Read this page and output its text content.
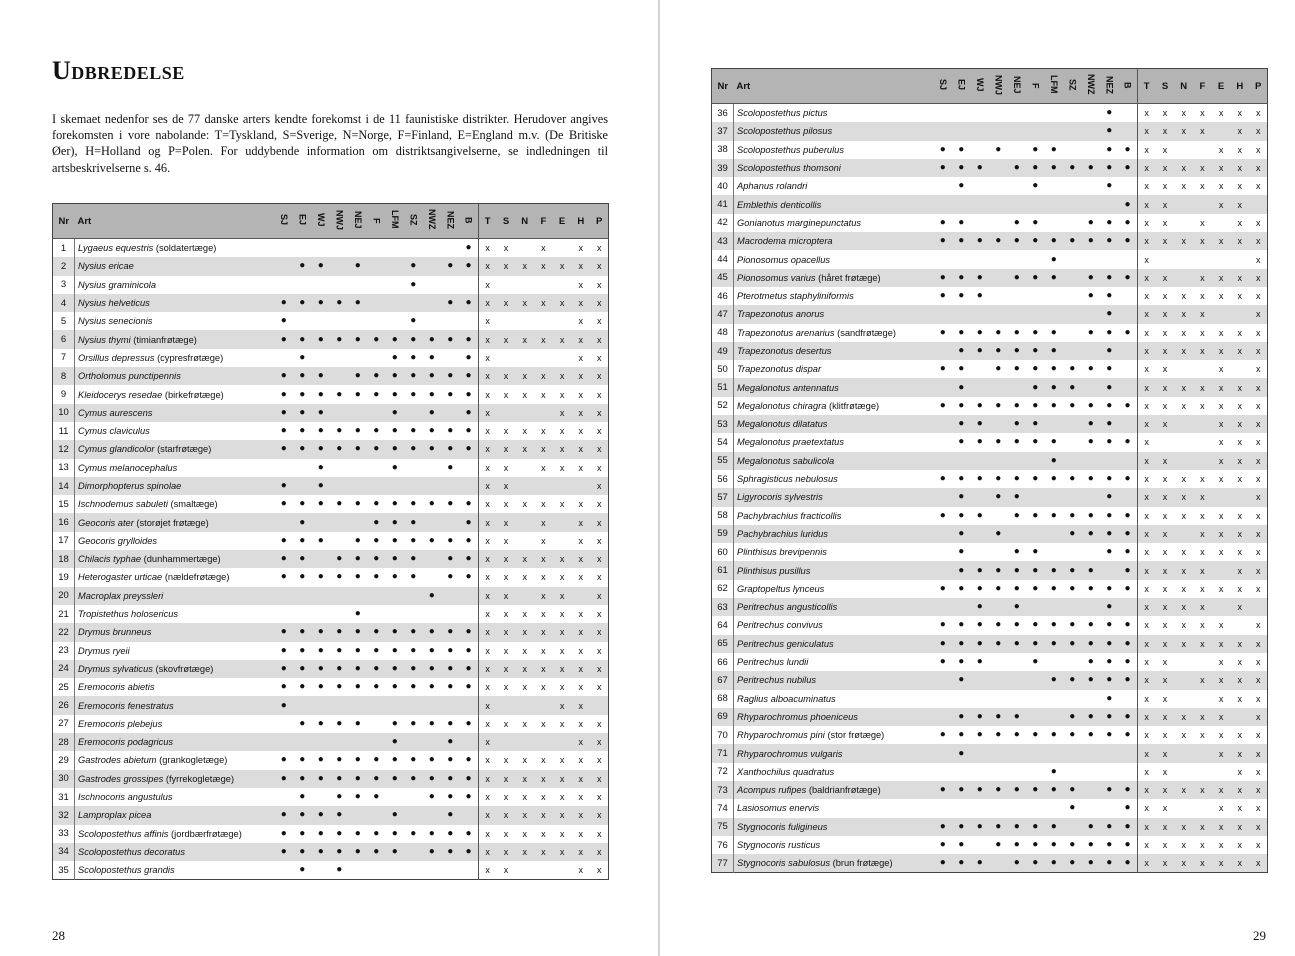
Udbredelse

I skemaet nedenfor ses de 77 danske arters kendte forekomst i de 11 faunistiske distrikter. Herudover angives forekomsten i vore nabolande: T=Tyskland, S=Sverige, N=Norge, F=Finland, E=England m.v. (De Britiske Øer), H=Holland og P=Polen. For uddybende information om distriktsangivelserne, se indledningen til artsbeskrivelserne s. 46.

Nr	Art	SJ	EJ	WJ	NWJ	NEJ	F	LFM	SZ	NWZ	NEZ	B	T	S	N	F	E	H	P
1	Lygaeus equestris (soldatertæge)											●	x	x		x		x	x
2	Nysius ericae		●	●		●			●		●	●	x	x	x	x	x	x	x
3	Nysius graminicola								●				x					x	x
4	Nysius helveticus	●	●	●	●	●					●	●	x	x	x	x	x	x	x
5	Nysius senecionis	●							●				x					x	x
6	Nysius thymi (timianfrøtæge)	●	●	●	●	●	●	●	●	●	●	●	x	x	x	x	x	x	x
7	Orsillus depressus (cypresfrøtæge)		●					●	●	●		●	x					x	x
8	Ortholomus punctipennis	●	●	●		●	●	●	●	●	●	●	x	x	x	x	x	x	x
9	Kleidocerys resedae (birkefrøtæge)	●	●	●	●	●	●	●	●	●	●	●	x	x	x	x	x	x	x
10	Cymus aurescens	●	●	●				●		●		●	x				x	x	x
11	Cymus claviculus	●	●	●	●	●	●	●	●	●	●	●	x	x	x	x	x	x	x
12	Cymus glandicolor (starfrøtæge)	●	●	●	●	●	●	●	●	●	●	●	x	x	x	x	x	x	x
13	Cymus melanocephalus			●				●			●		x	x		x	x	x	x
14	Dimorphopterus spinolae	●		●									x	x					x
15	Ischnodemus sabuleti (smaltæge)	●	●	●	●	●	●	●	●	●	●	●	x	x	x	x	x	x	x
16	Geocoris ater (storøjet frøtæge)		●				●	●	●			●	x	x		x		x	x
17	Geocoris grylloides	●	●	●		●	●	●	●	●	●	●	x	x		x		x	x
18	Chilacis typhae (dunhammertæge)	●	●		●	●	●	●	●		●	●	x	x	x	x	x	x	x
19	Heterogaster urticae (nældefrøtæge)	●	●	●	●	●	●	●	●		●	●	x	x	x	x	x	x	x
20	Macroplax preyssleri									●			x	x		x	x		x
21	Tropistethus holosericus					●							x	x	x	x	x	x	x
22	Drymus brunneus	●	●	●	●	●	●	●	●	●	●	●	x	x	x	x	x	x	x
23	Drymus ryeii	●	●	●	●	●	●	●	●	●	●	●	x	x	x	x	x	x	x
24	Drymus sylvaticus (skovfrøtæge)	●	●	●	●	●	●	●	●	●	●	●	x	x	x	x	x	x	x
25	Eremocoris abietis	●	●	●	●	●	●	●	●	●	●	●	x	x	x	x	x	x	x
26	Eremocoris fenestratus	●											x				x	x	
27	Eremocoris plebejus		●	●	●	●		●	●	●	●	●	x	x	x	x	x	x	x
28	Eremocoris podagricus							●			●		x					x	x
29	Gastrodes abietum (grankogletæge)	●	●	●	●	●	●	●	●	●	●	●	x	x	x	x	x	x	x
30	Gastrodes grossipes (fyrrekogletæge)	●	●	●	●	●	●	●	●	●	●	●	x	x	x	x	x	x	x
31	Ischnocoris angustulus		●		●	●	●			●	●	●	x	x	x	x	x	x	x
32	Lamproplax picea	●	●	●	●			●			●		x	x	x	x	x	x	x
33	Scolopostethus affinis (jordbærfrøtæge)	●	●	●	●	●	●	●	●	●	●	●	x	x	x	x	x	x	x
34	Scolopostethus decoratus	●	●	●	●	●	●	●		●	●	●	x	x	x	x	x	x	x
35	Scolopostethus grandis		●		●								x	x				x	x
Nr	Art	SJ	EJ	WJ	NWJ	NEJ	F	LFM	SZ	NWZ	NEZ	B	T	S	N	F	E	H	P
36	Scolopostethus pictus										●		x	x	x	x	x	x	x
37	Scolopostethus pilosus										●		x	x	x	x		x	x
38	Scolopostethus puberulus	●	●		●		●	●			●	●	x	x			x	x	x
39	Scolopostethus thomsoni	●	●	●		●	●	●	●	●	●	●	x	x	x	x	x	x	x
40	Aphanus rolandri		●				●				●		x	x	x	x	x	x	x
41	Emblethis denticollis											●	x	x			x	x	
42	Gonianotus marginepunctatus	●	●			●	●			●	●	●	x	x		x		x	x
43	Macrodema microptera	●	●	●	●	●	●	●	●	●	●	●	x	x	x	x	x	x	x
44	Pionosomus opacellus							●					x						x
45	Pionosomus varius (håret frøtæge)	●	●	●		●	●	●		●	●	●	x	x		x	x	x	x
46	Pterotmetus staphyliniformis	●	●	●						●	●		x	x	x	x	x	x	x
47	Trapezonotus anorus										●		x	x	x	x			x
48	Trapezonotus arenarius (sandfrøtæge)	●	●	●	●	●	●	●		●	●	●	x	x	x	x	x	x	x
49	Trapezonotus desertus		●	●	●	●	●	●			●		x	x	x	x	x	x	x
50	Trapezonotus dispar	●	●		●	●	●	●	●	●	●		x	x			x		x
51	Megalonotus antennatus		●				●	●	●		●		x	x	x	x	x	x	x
52	Megalonotus chiragra (klitfrøtæge)	●	●	●	●	●	●	●	●	●	●	●	x	x	x	x	x	x	x
53	Megalonotus dilatatus		●	●		●	●			●	●		x	x			x	x	x
54	Megalonotus praetextatus		●	●	●	●	●	●		●	●	●	x				x	x	x
55	Megalonotus sabulicola							●					x	x			x	x	x
56	Sphragisticus nebulosus	●	●	●	●	●	●	●	●	●	●	●	x	x	x	x	x	x	x
57	Ligyrocoris sylvestris		●		●	●					●		x	x	x	x			x
58	Pachybrachius fracticollis	●	●	●		●	●	●	●	●	●	●	x	x	x	x	x	x	x
59	Pachybrachius luridus		●		●				●	●	●	●	x	x		x	x	x	x
60	Plinthisus brevipennis		●			●	●				●	●	x	x	x	x	x	x	x
61	Plinthisus pusillus		●	●	●	●	●	●	●	●		●	x	x	x	x		x	x
62	Graptopeltus lynceus	●	●	●	●	●	●	●	●	●	●	●	x	x	x	x	x	x	x
63	Peritrechus angusticollis			●		●					●		x	x	x	x		x	
64	Peritrechus convivus	●	●	●	●	●	●	●	●	●	●	●	x	x	x	x	x		x
65	Peritrechus geniculatus	●	●	●	●	●	●	●	●	●	●	●	x	x	x	x	x	x	x
66	Peritrechus lundii	●	●	●			●			●	●	●	x	x			x	x	x
67	Peritrechus nubilus		●					●	●	●	●	●	x	x		x	x	x	x
68	Raglius alboacuminatus										●		x	x			x	x	x
69	Rhyparochromus phoeniceus		●	●	●	●			●	●	●	●	x	x	x	x	x		x
70	Rhyparochromus pini (stor frøtæge)	●	●	●	●	●	●	●	●	●	●	●	x	x	x	x	x	x	x
71	Rhyparochromus vulgaris		●										x	x			x	x	x
72	Xanthochilus quadratus							●					x	x				x	x
73	Acompus rufipes (baldrianfrøtæge)	●	●	●	●	●	●	●	●		●	●	x	x	x	x	x	x	x
74	Lasiosomus enervis								●			●	x	x			x	x	x
75	Stygnocoris fuligineus	●	●	●	●	●	●	●		●	●	●	x	x	x	x	x	x	x
76	Stygnocoris rusticus	●	●		●	●	●	●	●	●	●	●	x	x	x	x	x	x	x
77	Stygnocoris sabulosus (brun frøtæge)	●	●	●		●	●	●	●	●	●	●	x	x	x	x	x	x	x
28	29
